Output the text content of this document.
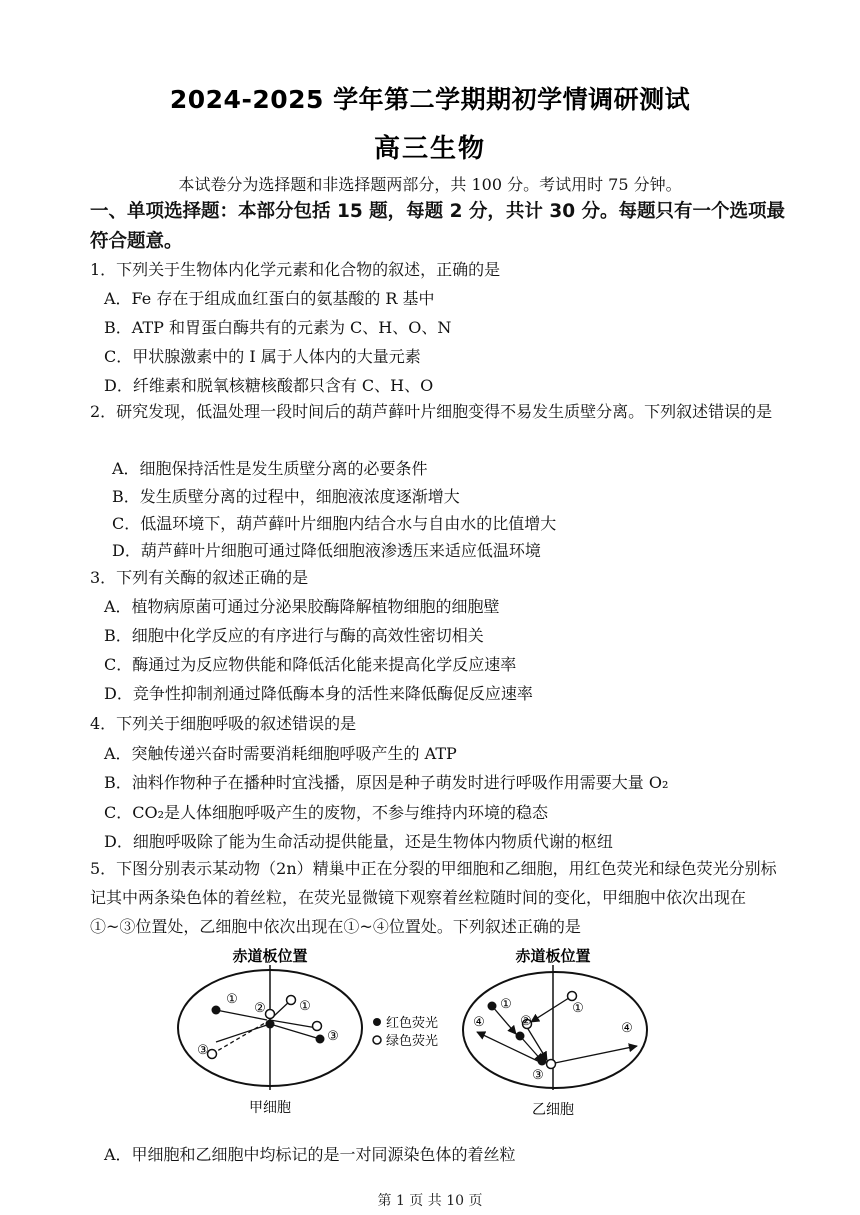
2024-2025 学年第二学期期初学情调研测试
高三生物
本试卷分为选择题和非选择题两部分，共 100 分。考试用时 75 分钟。
一、单项选择题：本部分包括 15 题，每题 2 分，共计 30 分。每题只有一个选项最符合题意。
1．下列关于生物体内化学元素和化合物的叙述，正确的是
A．Fe 存在于组成血红蛋白的氨基酸的 R 基中
B．ATP 和胃蛋白酶共有的元素为 C、H、O、N
C．甲状腺激素中的 I 属于人体内的大量元素
D．纤维素和脱氧核糖核酸都只含有 C、H、O
2．研究发现，低温处理一段时间后的葫芦藓叶片细胞变得不易发生质壁分离。下列叙述错误的是
A．细胞保持活性是发生质壁分离的必要条件
B．发生质壁分离的过程中，细胞液浓度逐渐增大
C．低温环境下，葫芦藓叶片细胞内结合水与自由水的比值增大
D．葫芦藓叶片细胞可通过降低细胞液渗透压来适应低温环境
3．下列有关酶的叙述正确的是
A．植物病原菌可通过分泌果胶酶降解植物细胞的细胞壁
B．细胞中化学反应的有序进行与酶的高效性密切相关
C．酶通过为反应物供能和降低活化能来提高化学反应速率
D．竞争性抑制剂通过降低酶本身的活性来降低酶促反应速率
4．下列关于细胞呼吸的叙述错误的是
A．突触传递兴奋时需要消耗细胞呼吸产生的 ATP
B．油料作物种子在播种时宜浅播，原因是种子萌发时进行呼吸作用需要大量 O₂
C．CO₂是人体细胞呼吸产生的废物，不参与维持内环境的稳态
D．细胞呼吸除了能为生命活动提供能量，还是生物体内物质代谢的枢纽
5．下图分别表示某动物（2n）精巢中正在分裂的甲细胞和乙细胞，用红色荧光和绿色荧光分别标记其中两条染色体的着丝粒，在荧光显微镜下观察着丝粒随时间的变化，甲细胞中依次出现在①~③位置处，乙细胞中依次出现在①~④位置处。下列叙述正确的是
赤道板位置
甲细胞
①	①
②
③
③
红色荧光
绿色荧光
赤道板位置
乙细胞
①	①
②
③
④	④
A．甲细胞和乙细胞中均标记的是一对同源染色体的着丝粒
第 1 页 共 10 页
